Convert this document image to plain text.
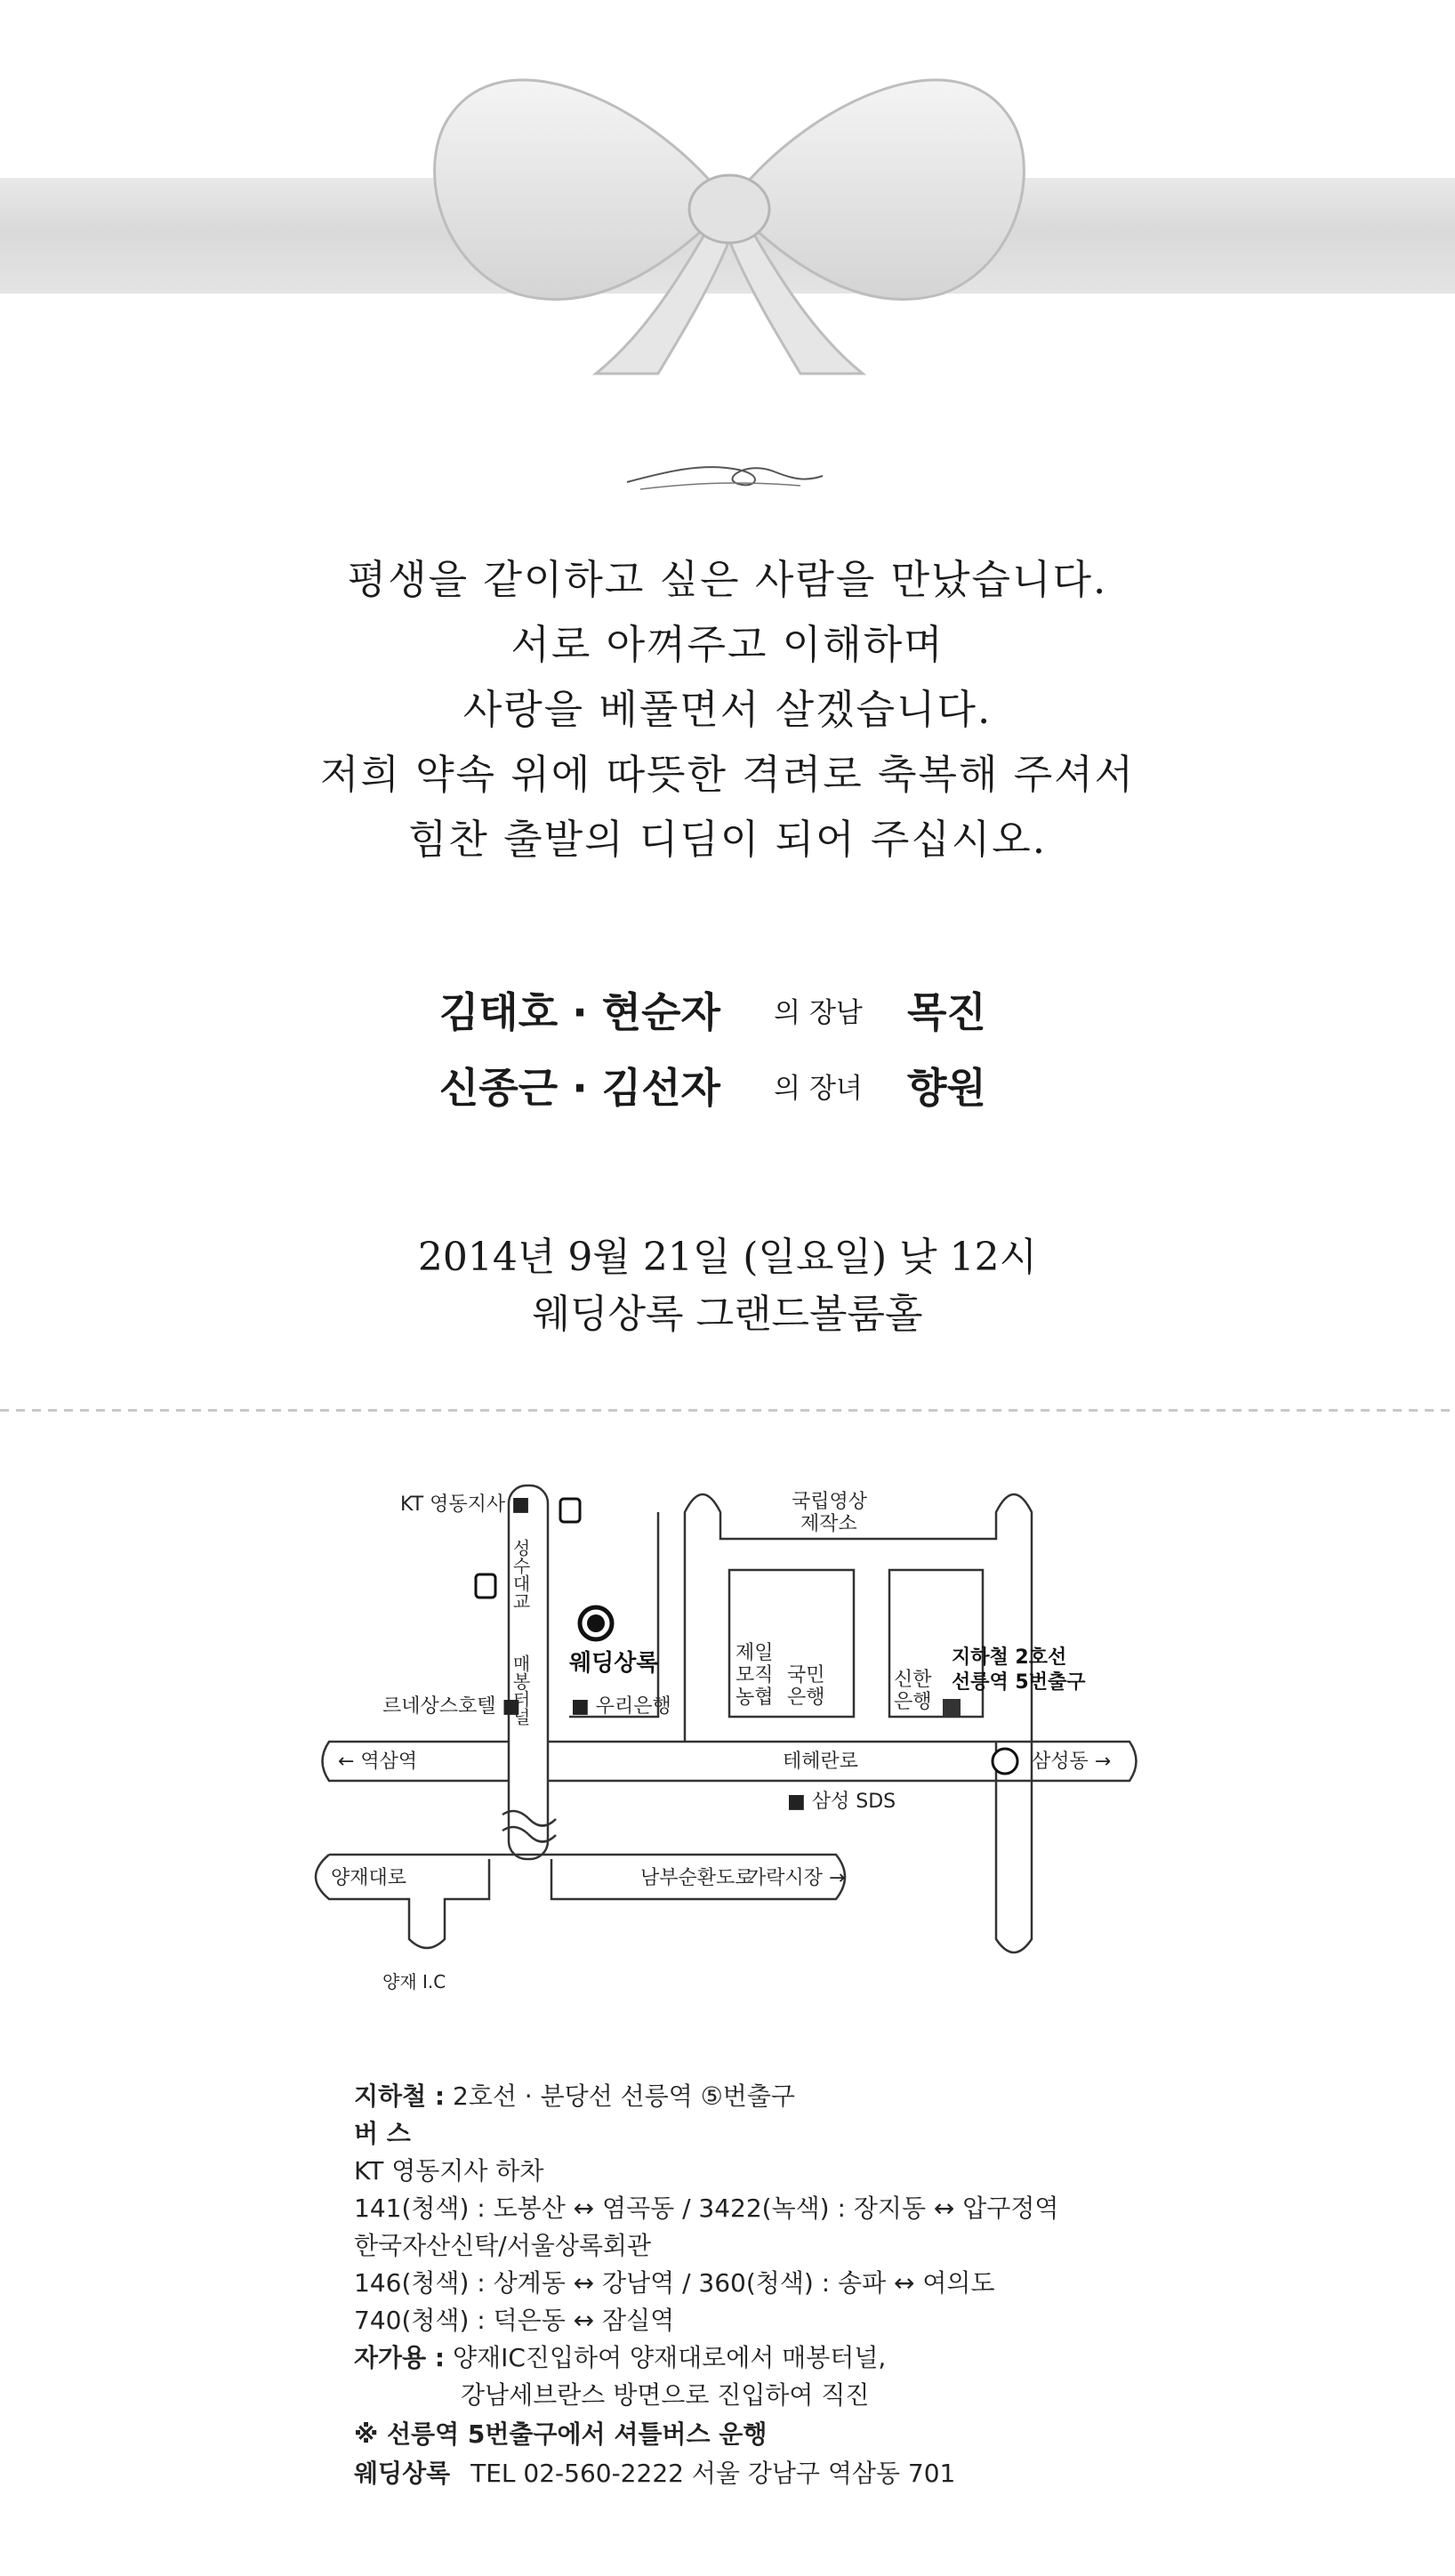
평생을 같이하고 싶은 사람을 만났습니다.

서로 아껴주고 이해하며

사랑을 베풀면서 살겠습니다.

저희 약속 위에 따뜻한 격려로 축복해 주셔서

힘찬 출발의 디딤이 되어 주십시오.

김태호 · 현순자	의 장남	목진
신종근 · 김선자	의 장녀	향원

2014년 9월 21일 (일요일) 낮 12시

웨딩상록 그랜드볼룸홀

KT 영동지사 ■
르네상스호텔 ■	■ 우리은행
웨딩상록
← 역삼역	삼성동 →
테헤란로
■ 삼성 SDS
남부순환도로
가락시장 →
양재대로
양재 I.C
국립영상
제작소
제일
모직
농협
국민
은행
신한
은행
지하철 2호선
선릉역 5번출구
성수대교
매봉터널
지하철 : 2호선 · 분당선 선릉역 ⑤번출구
버 스
KT 영동지사 하차
141(청색) : 도봉산 ↔ 염곡동 / 3422(녹색) : 장지동 ↔ 압구정역
한국자산신탁/서울상록회관
146(청색) : 상계동 ↔ 강남역 / 360(청색) : 송파 ↔ 여의도
740(청색) : 덕은동 ↔ 잠실역
자가용 : 양재IC진입하여 양재대로에서 매봉터널,
강남세브란스 방면으로 진입하여 직진
※ 선릉역 5번출구에서 셔틀버스 운행
웨딩상록 TEL 02-560-2222 서울 강남구 역삼동 701
